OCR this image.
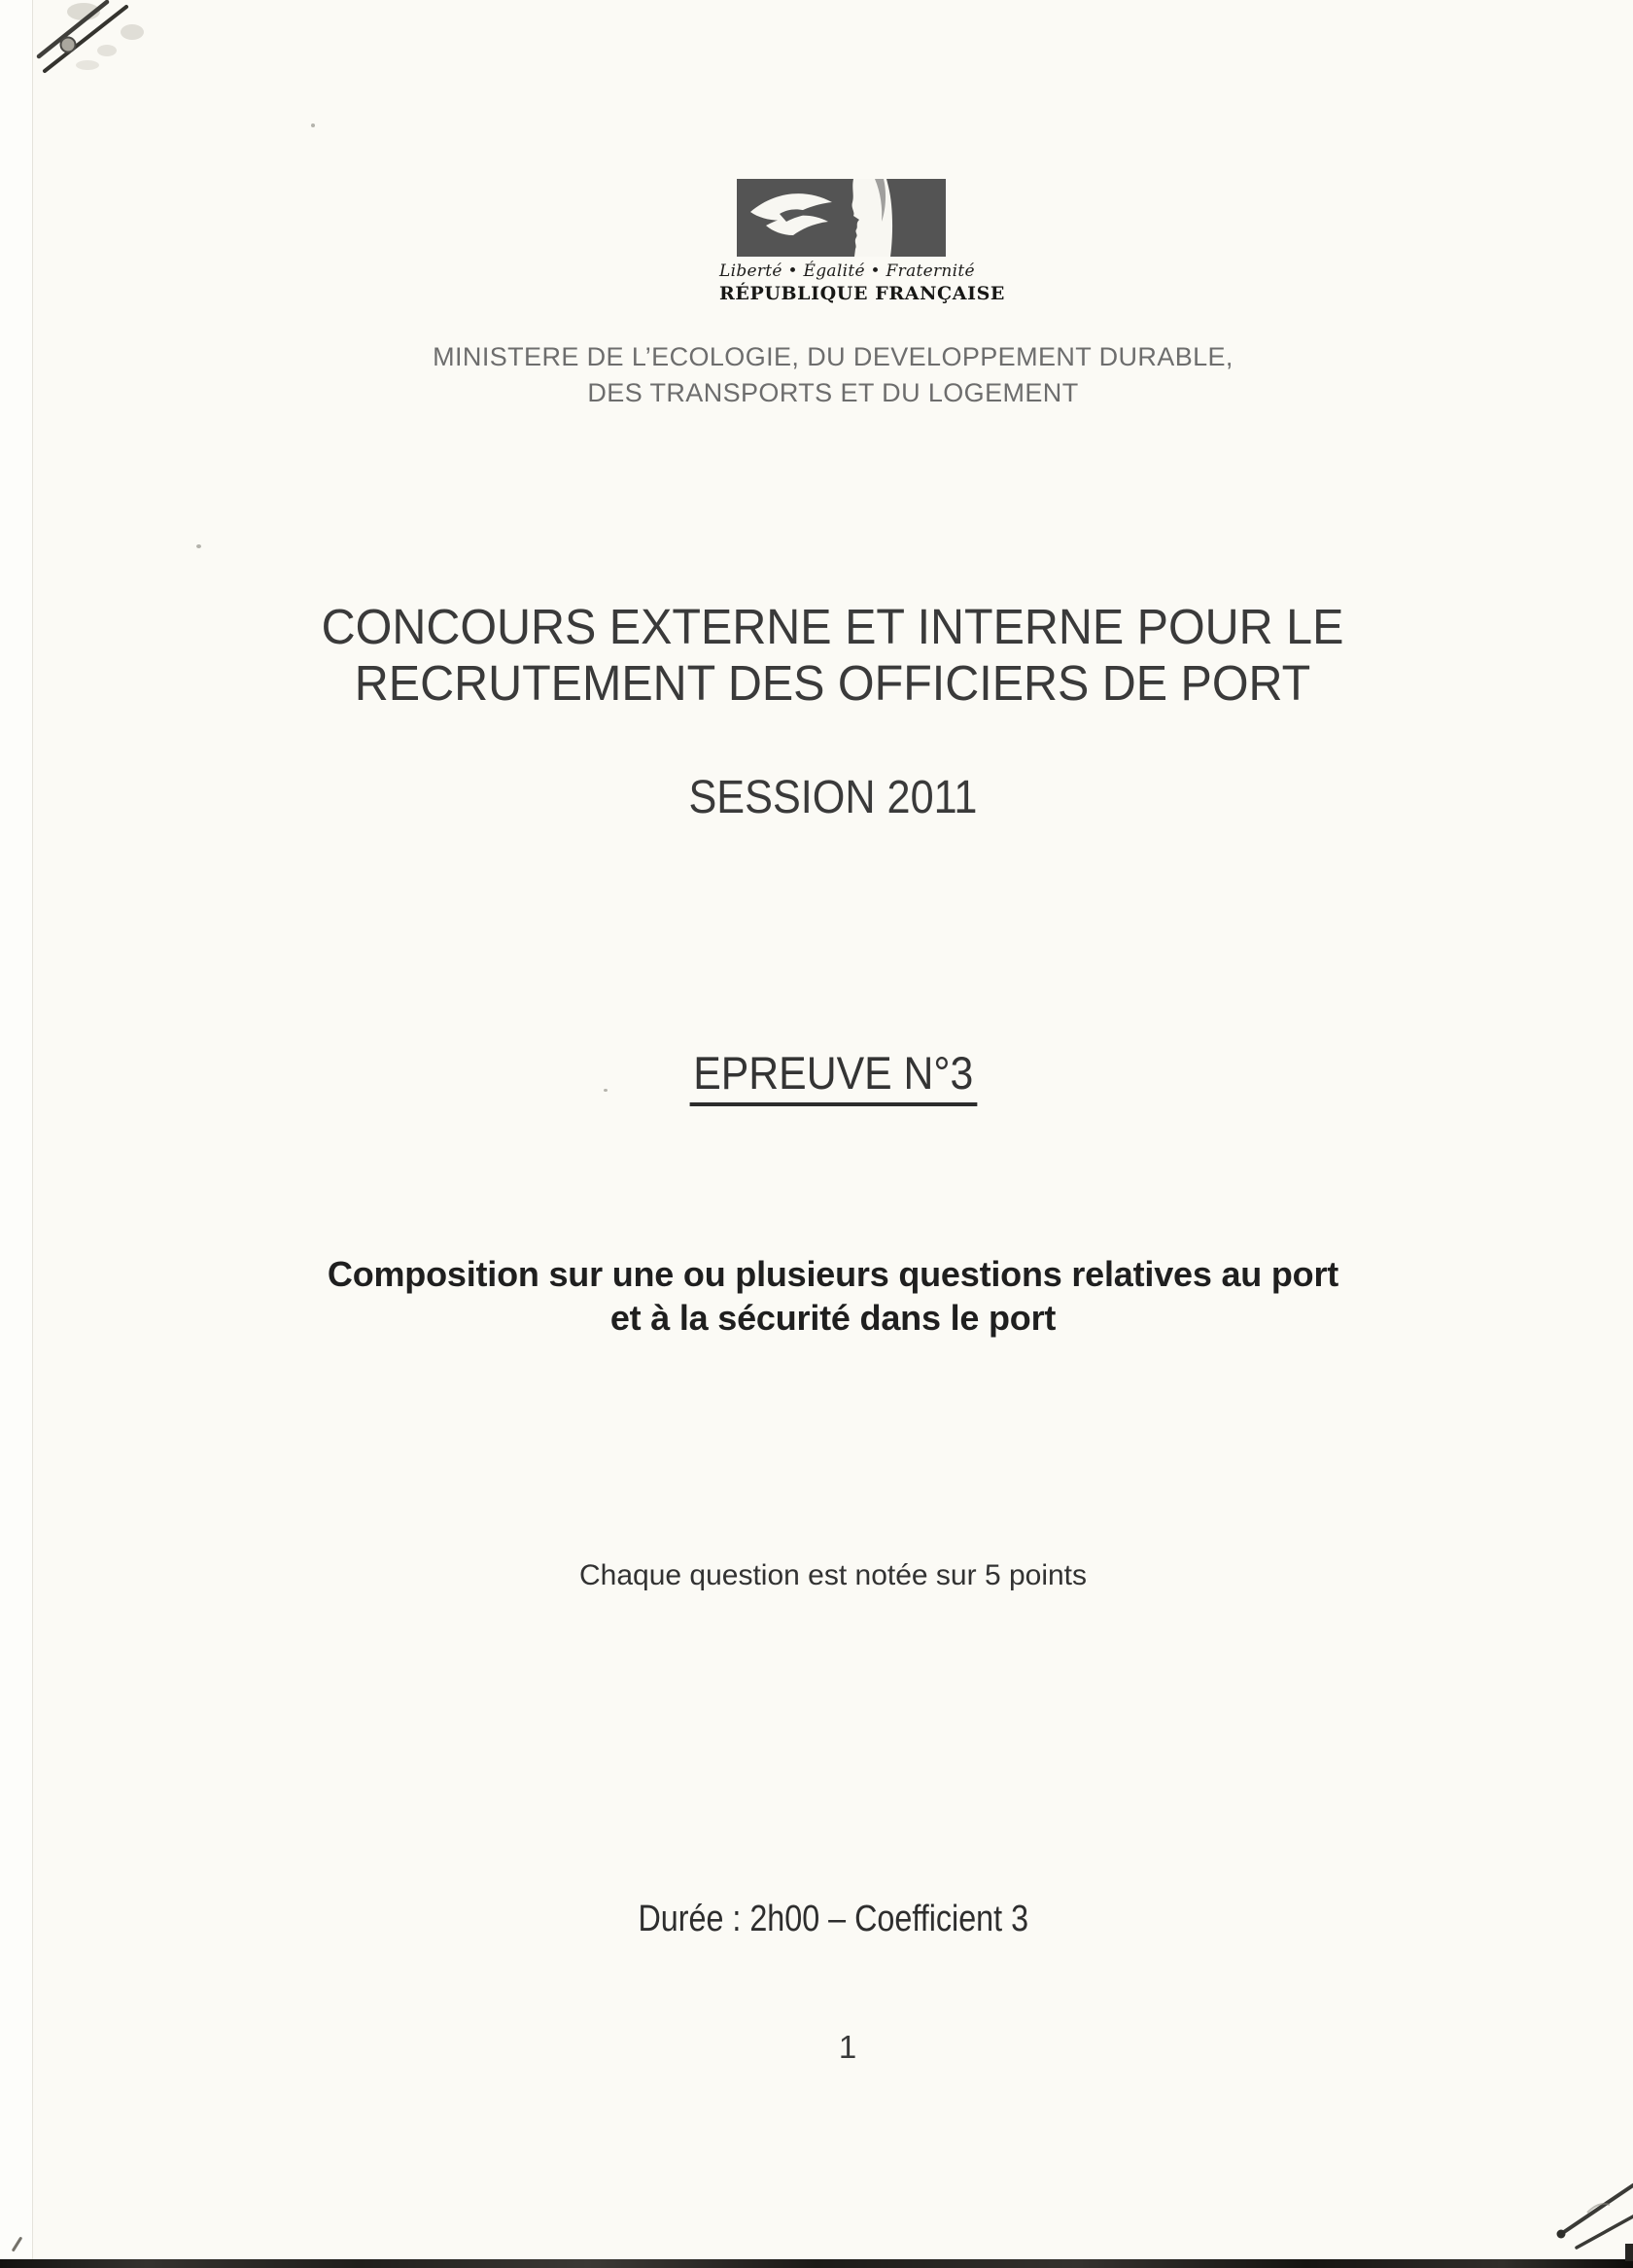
Liberté • Égalité • Fraternité
RÉPUBLIQUE FRANÇAISE
MINISTERE DE L’ECOLOGIE, DU DEVELOPPEMENT DURABLE,
DES TRANSPORTS ET DU LOGEMENT
CONCOURS EXTERNE ET INTERNE POUR LE
RECRUTEMENT DES OFFICIERS DE PORT
SESSION 2011
EPREUVE N°3
Composition sur une ou plusieurs questions relatives au port
et à la sécurité dans le port
Chaque question est notée sur 5 points
Durée : 2h00 – Coefficient 3
1
